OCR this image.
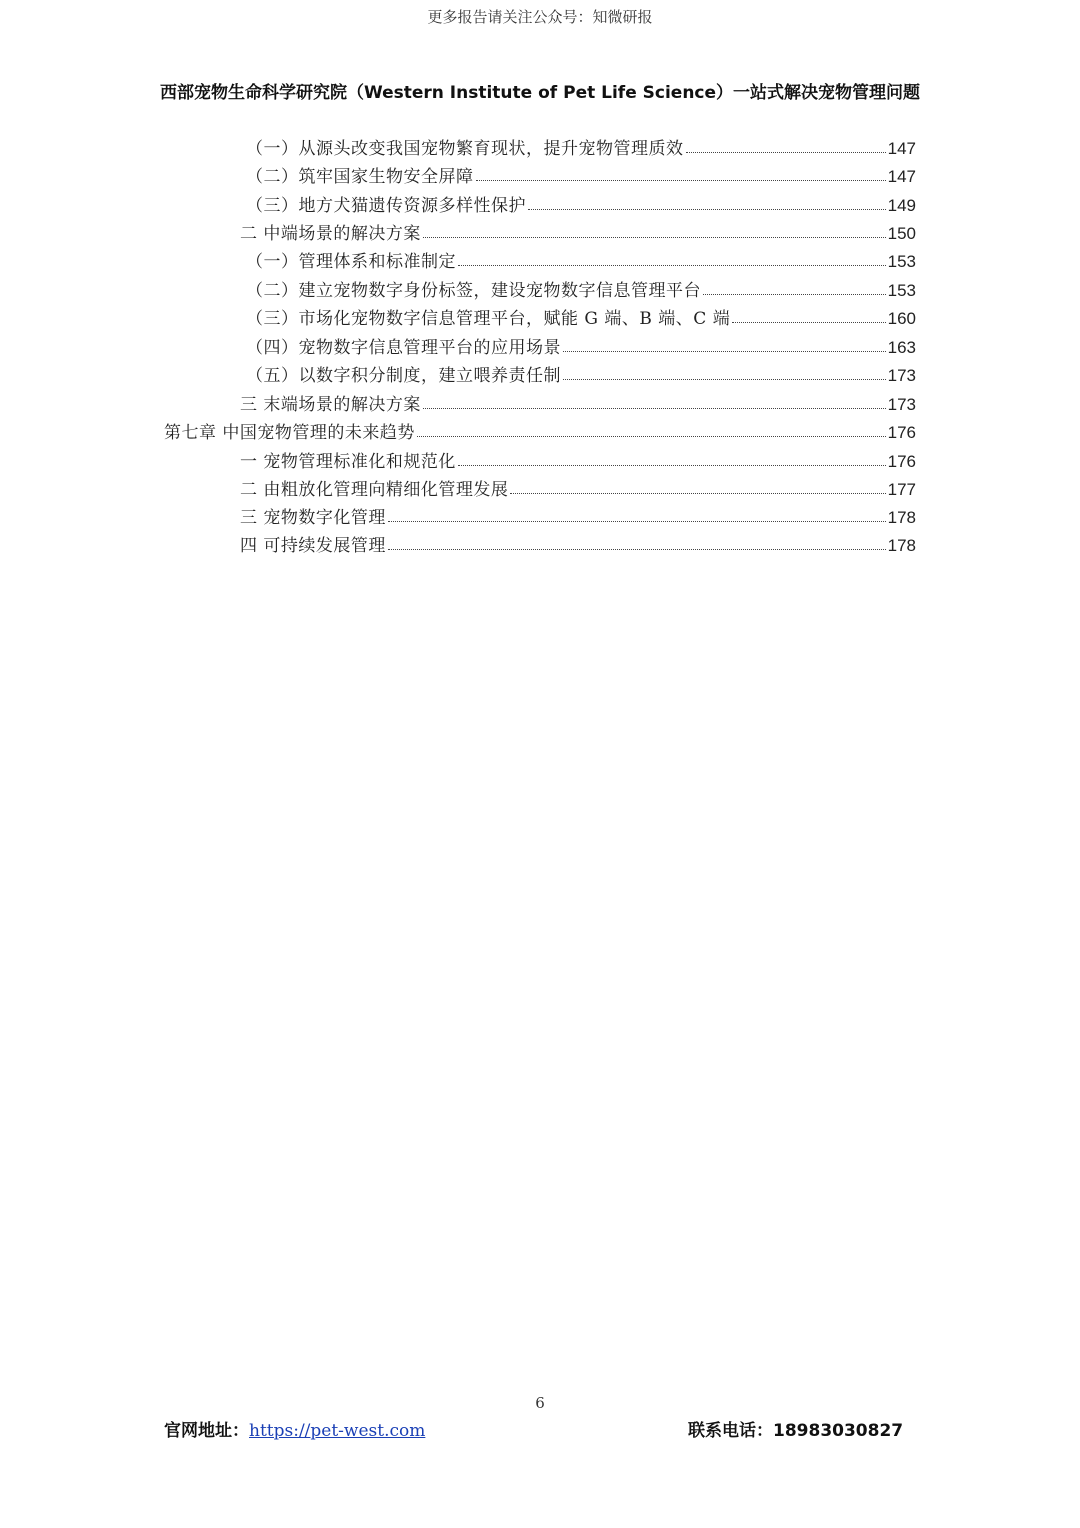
更多报告请关注公众号：知微研报
西部宠物生命科学研究院（Western Institute of Pet Life Science）一站式解决宠物管理问题
（一）从源头改变我国宠物繁育现状，提升宠物管理质效	147
（二）筑牢国家生物安全屏障	147
（三）地方犬猫遗传资源多样性保护	149
二 中端场景的解决方案	150
（一）管理体系和标准制定	153
（二）建立宠物数字身份标签，建设宠物数字信息管理平台	153
（三）市场化宠物数字信息管理平台，赋能 G 端、B 端、C 端	160
（四）宠物数字信息管理平台的应用场景	163
（五）以数字积分制度，建立喂养责任制	173
三 末端场景的解决方案	173
第七章 中国宠物管理的未来趋势	176
一 宠物管理标准化和规范化	176
二 由粗放化管理向精细化管理发展	177
三 宠物数字化管理	178
四 可持续发展管理	178
6
官网地址：https://pet-west.com	联系电话：18983030827
